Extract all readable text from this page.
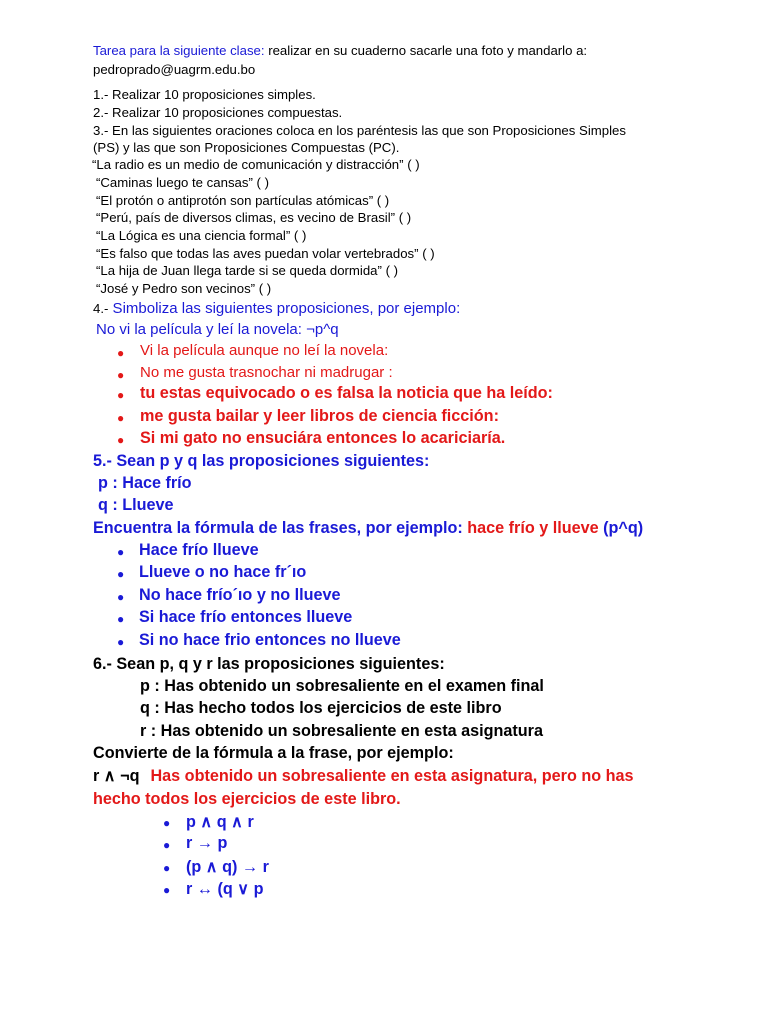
Tarea para la siguiente clase: realizar en su cuaderno sacarle una foto y mandarlo a:
pedroprado@uagrm.edu.bo
1.- Realizar 10 proposiciones simples.
2.- Realizar 10 proposiciones compuestas.
3.- En las siguientes oraciones coloca en los paréntesis las que son Proposiciones Simples
(PS) y las que son Proposiciones Compuestas (PC).
“La radio es un medio de comunicación y distracción” ( )
“Caminas luego te cansas” ( )
“El protón o antiprotón son partículas atómicas” ( )
“Perú, país de diversos climas, es vecino de Brasil” ( )
“La Lógica es una ciencia formal” ( )
“Es falso que todas las aves puedan volar vertebrados” ( )
“La hija de Juan llega tarde si se queda dormida” ( )
“José y Pedro son vecinos” ( )
4.- Simboliza las siguientes proposiciones, por ejemplo:
No vi la película y leí la novela: ¬p^q
● Vi la película aunque no leí la novela:
● No me gusta trasnochar ni madrugar :
● tu estas equivocado o es falsa la noticia que ha leído:
● me gusta bailar y leer libros de ciencia ficción:
● Si mi gato no ensuciára entonces lo acariciaría.
5.- Sean p y q las proposiciones siguientes:
p : Hace frío
q : Llueve
Encuentra la fórmula de las frases, por ejemplo: hace frío y llueve (p^q)
● Hace frío llueve
● Llueve o no hace fr´ıo
● No hace frío´ıo y no llueve
● Si hace frío entonces llueve
● Si no hace frio entonces no llueve
6.- Sean p, q y r las proposiciones siguientes:
p : Has obtenido un sobresaliente en el examen final
q : Has hecho todos los ejercicios de este libro
r : Has obtenido un sobresaliente en esta asignatura
Convierte de la fórmula a la frase, por ejemplo:
r ∧ ¬q Has obtenido un sobresaliente en esta asignatura, pero no has
hecho todos los ejercicios de este libro.
● p ∧ q ∧ r
● r → p
● (p ∧ q) → r
● r ↔ (q ∨ p
